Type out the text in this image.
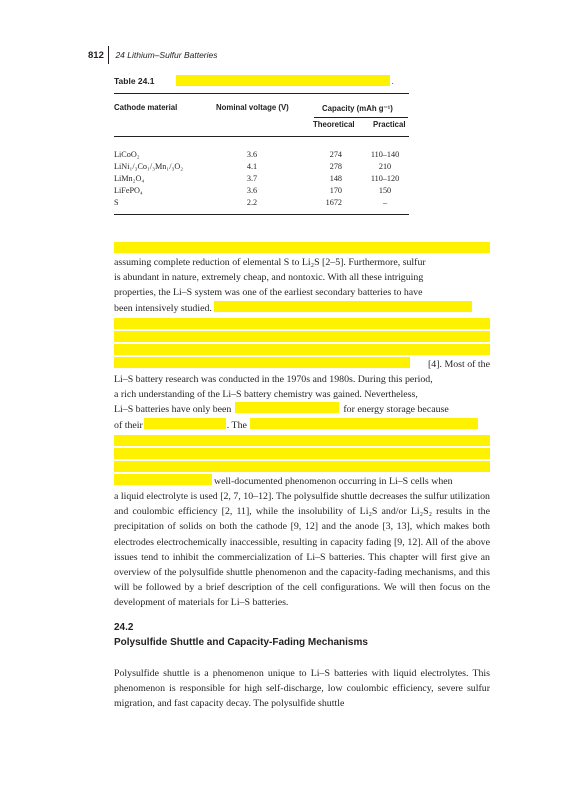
812 24 Lithium–Sulfur Batteries
Table 24.1	.
Cathode material	Nominal voltage (V)	Capacity (mAh g⁻¹)
Theoretical Practical
LiCoO₂	3.6	274	110–140
LiNi₁/₃Co₁/₃Mn₁/₃O₂	4.1	278	210
LiMn₂O₄	3.7	148	110–120
LiFePO₄	3.6	170	150
S	2.2	1672	–

assuming complete reduction of elemental S to Li₂S [2–5]. Furthermore, sulfur

is abundant in nature, extremely cheap, and nontoxic. With all these intriguing

properties, the Li–S system was one of the earliest secondary batteries to have

been intensively studied.

[4]. Most of the

Li–S battery research was conducted in the 1970s and 1980s. During this period,

a rich understanding of the Li–S battery chemistry was gained. Nevertheless,

Li–S batteries have only been	for energy storage because

of their	. The

well-documented phenomenon occurring in Li–S cells when

a liquid electrolyte is used [2, 7, 10–12]. The polysulfide shuttle decreases the sulfur utilization and coulombic efficiency [2, 11], while the insolubility of Li₂S and/or Li₂S₂ results in the precipitation of solids on both the cathode [9, 12] and the anode [3, 13], which makes both electrodes electrochemically inaccessible, resulting in capacity fading [9, 12]. All of the above issues tend to inhibit the commercialization of Li–S batteries. This chapter will first give an overview of the polysulfide shuttle phenomenon and the capacity-fading mechanisms, and this will be followed by a brief description of the cell configurations. We will then focus on the development of materials for Li–S batteries.

24.2
Polysulfide Shuttle and Capacity-Fading Mechanisms

Polysulfide shuttle is a phenomenon unique to Li–S batteries with liquid electrolytes. This phenomenon is responsible for high self-discharge, low coulombic efficiency, severe sulfur migration, and fast capacity decay. The polysulfide shuttle
